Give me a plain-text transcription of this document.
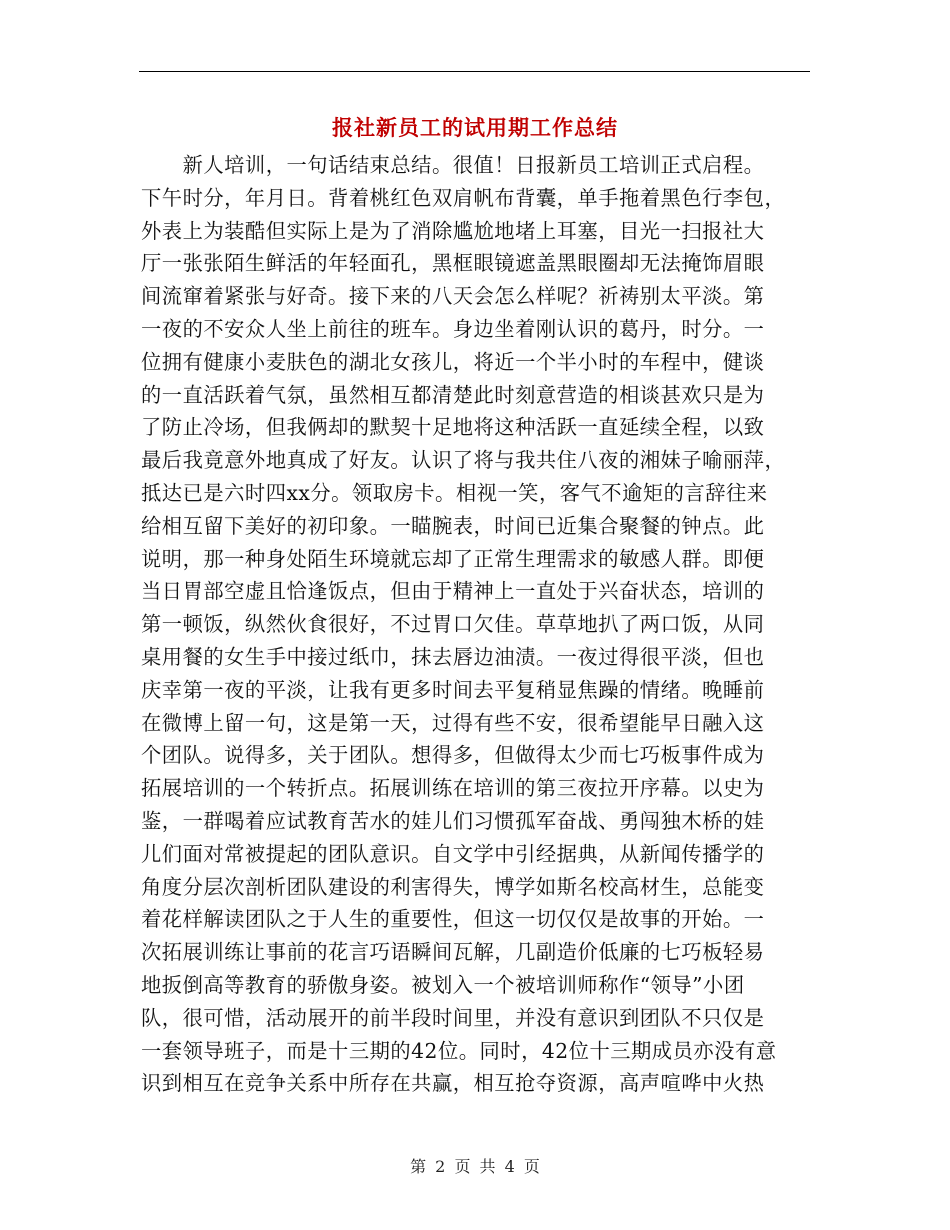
报社新员工的试用期工作总结
　　新人培训，一句话结束总结。很值！日报新员工培训正式启程。
下午时分，年月日。背着桃红色双肩帆布背囊，单手拖着黑色行李包，
外表上为装酷但实际上是为了消除尴尬地堵上耳塞，目光一扫报社大
厅一张张陌生鲜活的年轻面孔，黑框眼镜遮盖黑眼圈却无法掩饰眉眼
间流窜着紧张与好奇。接下来的八天会怎么样呢？祈祷别太平淡。第
一夜的不安众人坐上前往的班车。身边坐着刚认识的葛丹，时分。一
位拥有健康小麦肤色的湖北女孩儿，将近一个半小时的车程中，健谈
的一直活跃着气氛，虽然相互都清楚此时刻意营造的相谈甚欢只是为
了防止冷场，但我俩却的默契十足地将这种活跃一直延续全程，以致
最后我竟意外地真成了好友。认识了将与我共住八夜的湘妹子喻丽萍，
抵达已是六时四xx分。领取房卡。相视一笑，客气不逾矩的言辞往来
给相互留下美好的初印象。一瞄腕表，时间已近集合聚餐的钟点。此
说明，那一种身处陌生环境就忘却了正常生理需求的敏感人群。即便
当日胃部空虚且恰逢饭点，但由于精神上一直处于兴奋状态，培训的
第一顿饭，纵然伙食很好，不过胃口欠佳。草草地扒了两口饭，从同
桌用餐的女生手中接过纸巾，抹去唇边油渍。一夜过得很平淡，但也
庆幸第一夜的平淡，让我有更多时间去平复稍显焦躁的情绪。晚睡前
在微博上留一句，这是第一天，过得有些不安，很希望能早日融入这
个团队。说得多，关于团队。想得多，但做得太少而七巧板事件成为
拓展培训的一个转折点。拓展训练在培训的第三夜拉开序幕。以史为
鉴，一群喝着应试教育苦水的娃儿们习惯孤军奋战、勇闯独木桥的娃
儿们面对常被提起的团队意识。自文学中引经据典，从新闻传播学的
角度分层次剖析团队建设的利害得失，博学如斯名校高材生，总能变
着花样解读团队之于人生的重要性，但这一切仅仅是故事的开始。一
次拓展训练让事前的花言巧语瞬间瓦解，几副造价低廉的七巧板轻易
地扳倒高等教育的骄傲身姿。被划入一个被培训师称作“领导”小团
队，很可惜，活动展开的前半段时间里，并没有意识到团队不只仅是
一套领导班子，而是十三期的42位。同时，42位十三期成员亦没有意
识到相互在竞争关系中所存在共赢，相互抢夺资源，高声喧哗中火热
第 2 页 共 4 页
